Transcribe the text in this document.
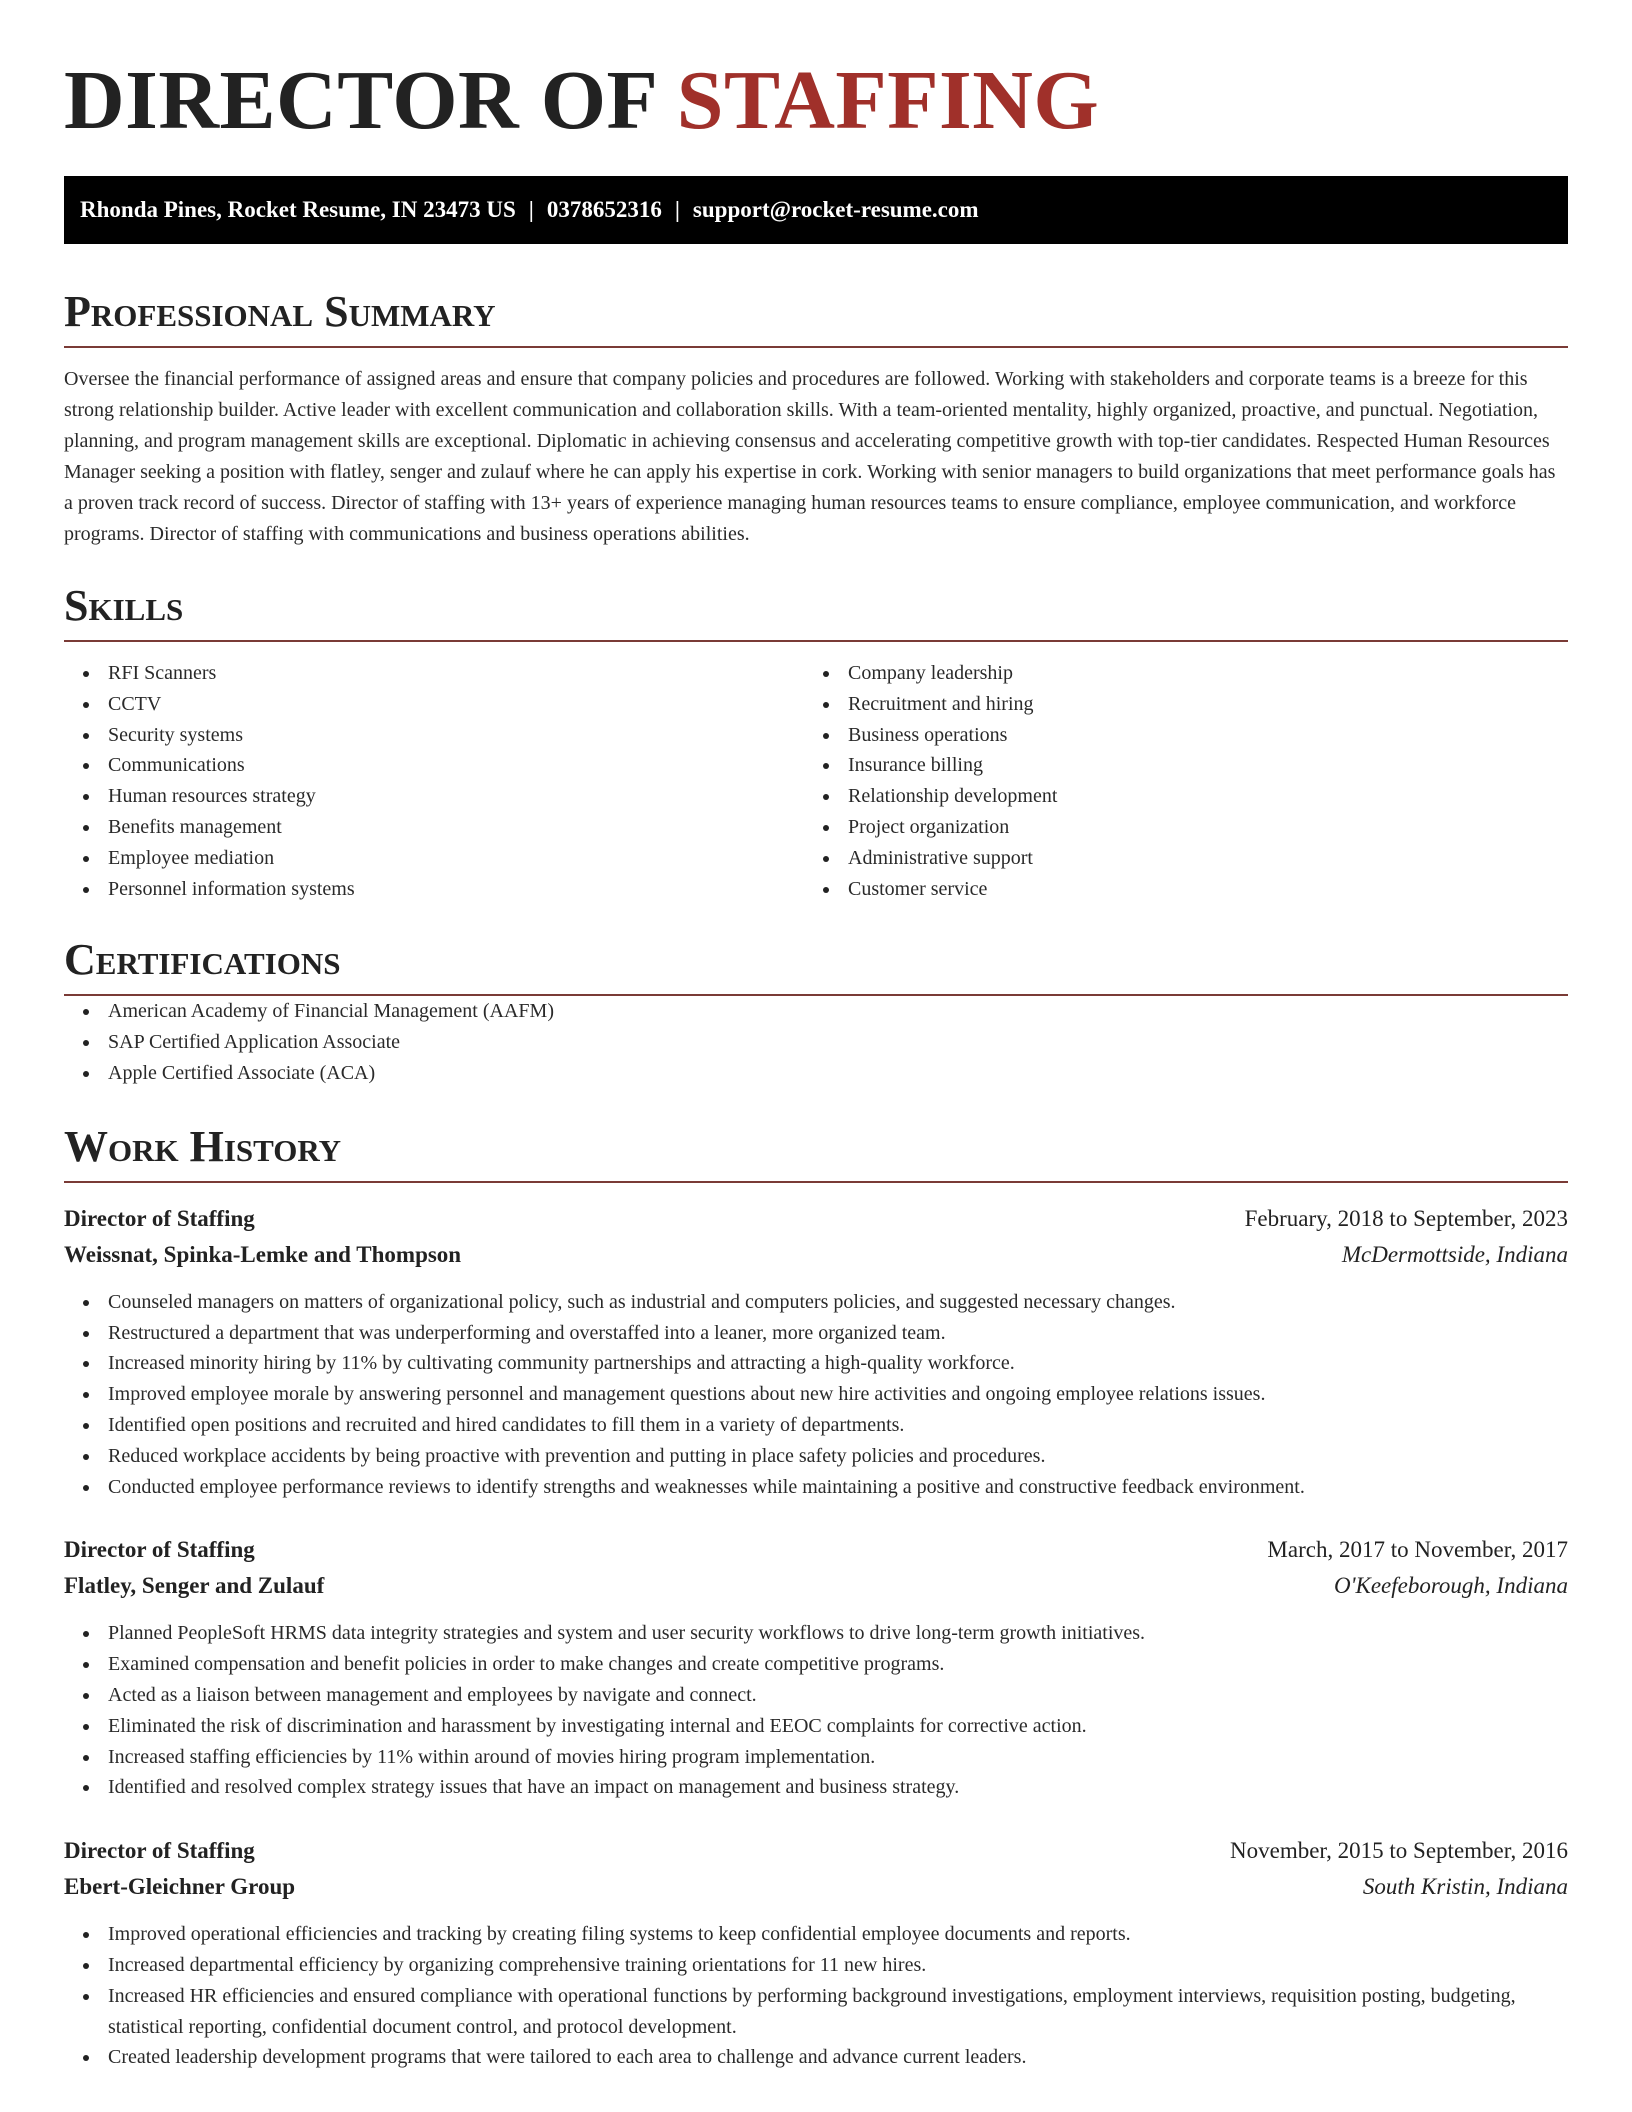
DIRECTOR OF STAFFING
Rhonda Pines, Rocket Resume, IN 23473 US | 0378652316 | support@rocket-resume.com
Professional Summary

Oversee the financial performance of assigned areas and ensure that company policies and procedures are followed. Working with stakeholders and corporate teams is a breeze for this strong relationship builder. Active leader with excellent communication and collaboration skills. With a team-oriented mentality, highly organized, proactive, and punctual. Negotiation, planning, and program management skills are exceptional. Diplomatic in achieving consensus and accelerating competitive growth with top-tier candidates. Respected Human Resources Manager seeking a position with flatley, senger and zulauf where he can apply his expertise in cork. Working with senior managers to build organizations that meet performance goals has a proven track record of success. Director of staffing with 13+ years of experience managing human resources teams to ensure compliance, employee communication, and workforce programs. Director of staffing with communications and business operations abilities.

Skills
RFI Scanners
CCTV
Security systems
Communications
Human resources strategy
Benefits management
Employee mediation
Personnel information systems
Company leadership
Recruitment and hiring
Business operations
Insurance billing
Relationship development
Project organization
Administrative support
Customer service
Certifications
American Academy of Financial Management (AAFM)
SAP Certified Application Associate
Apple Certified Associate (ACA)
Work History
Director of Staffing	February, 2018 to September, 2023
Weissnat, Spinka-Lemke and Thompson	McDermottside, Indiana
Counseled managers on matters of organizational policy, such as industrial and computers policies, and suggested necessary changes.
Restructured a department that was underperforming and overstaffed into a leaner, more organized team.
Increased minority hiring by 11% by cultivating community partnerships and attracting a high-quality workforce.
Improved employee morale by answering personnel and management questions about new hire activities and ongoing employee relations issues.
Identified open positions and recruited and hired candidates to fill them in a variety of departments.
Reduced workplace accidents by being proactive with prevention and putting in place safety policies and procedures.
Conducted employee performance reviews to identify strengths and weaknesses while maintaining a positive and constructive feedback environment.
Director of Staffing	March, 2017 to November, 2017
Flatley, Senger and Zulauf	O'Keefeborough, Indiana
Planned PeopleSoft HRMS data integrity strategies and system and user security workflows to drive long-term growth initiatives.
Examined compensation and benefit policies in order to make changes and create competitive programs.
Acted as a liaison between management and employees by navigate and connect.
Eliminated the risk of discrimination and harassment by investigating internal and EEOC complaints for corrective action.
Increased staffing efficiencies by 11% within around of movies hiring program implementation.
Identified and resolved complex strategy issues that have an impact on management and business strategy.
Director of Staffing	November, 2015 to September, 2016
Ebert-Gleichner Group	South Kristin, Indiana
Improved operational efficiencies and tracking by creating filing systems to keep confidential employee documents and reports.
Increased departmental efficiency by organizing comprehensive training orientations for 11 new hires.
Increased HR efficiencies and ensured compliance with operational functions by performing background investigations, employment interviews, requisition posting, budgeting, statistical reporting, confidential document control, and protocol development.
Created leadership development programs that were tailored to each area to challenge and advance current leaders.
